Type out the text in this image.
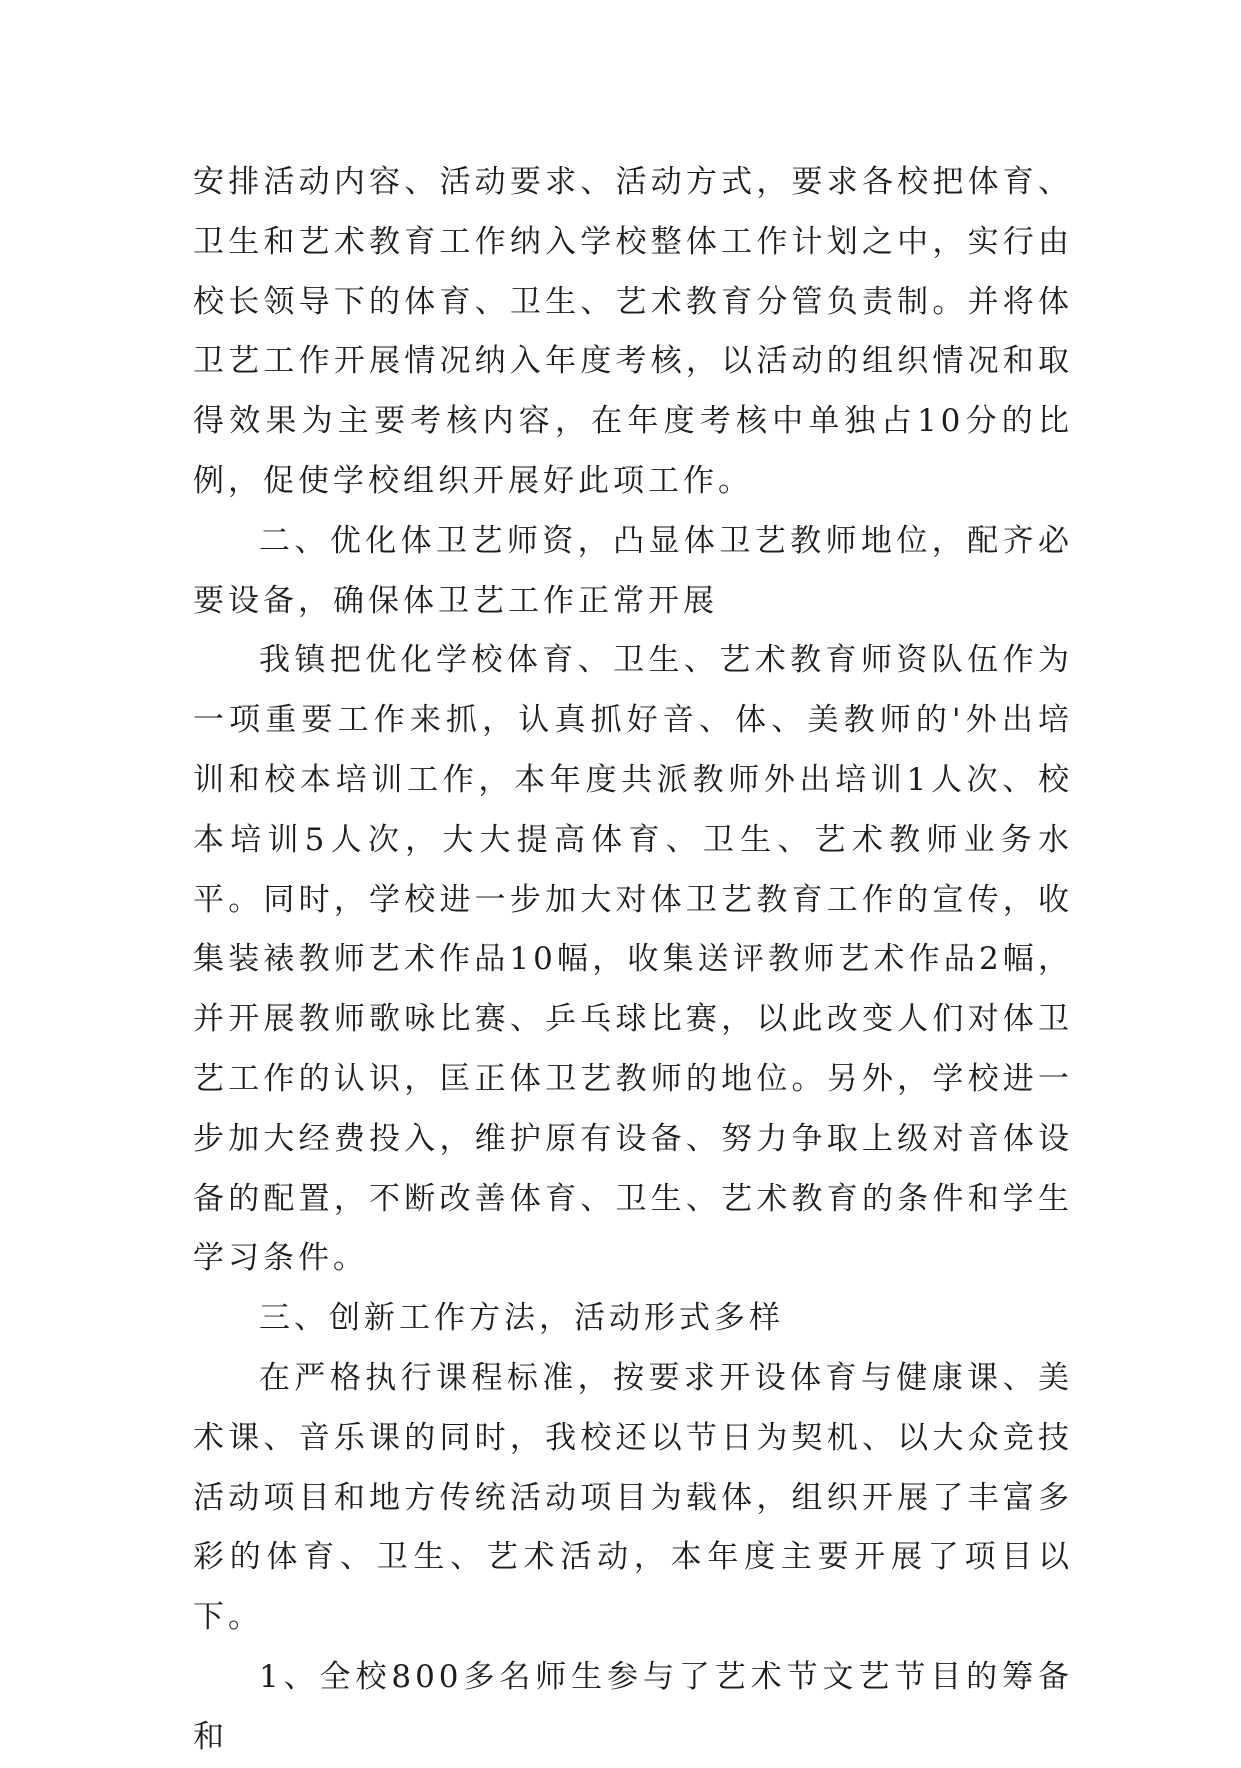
安排活动内容、活动要求、活动方式，要求各校把体育、卫生和艺术教育工作纳入学校整体工作计划之中，实行由校长领导下的体育、卫生、艺术教育分管负责制。并将体卫艺工作开展情况纳入年度考核，以活动的组织情况和取得效果为主要考核内容，在年度考核中单独占10分的比例，促使学校组织开展好此项工作。

二、优化体卫艺师资，凸显体卫艺教师地位，配齐必要设备，确保体卫艺工作正常开展

我镇把优化学校体育、卫生、艺术教育师资队伍作为一项重要工作来抓，认真抓好音、体、美教师的'外出培训和校本培训工作，本年度共派教师外出培训1人次、校本培训5人次，大大提高体育、卫生、艺术教师业务水平。同时，学校进一步加大对体卫艺教育工作的宣传，收集装裱教师艺术作品10幅，收集送评教师艺术作品2幅，并开展教师歌咏比赛、乒乓球比赛，以此改变人们对体卫艺工作的认识，匡正体卫艺教师的地位。另外，学校进一步加大经费投入，维护原有设备、努力争取上级对音体设备的配置，不断改善体育、卫生、艺术教育的条件和学生学习条件。

三、创新工作方法，活动形式多样

在严格执行课程标准，按要求开设体育与健康课、美术课、音乐课的同时，我校还以节日为契机、以大众竞技活动项目和地方传统活动项目为载体，组织开展了丰富多彩的体育、卫生、艺术活动，本年度主要开展了项目以下。

1、全校800多名师生参与了艺术节文艺节目的筹备和
